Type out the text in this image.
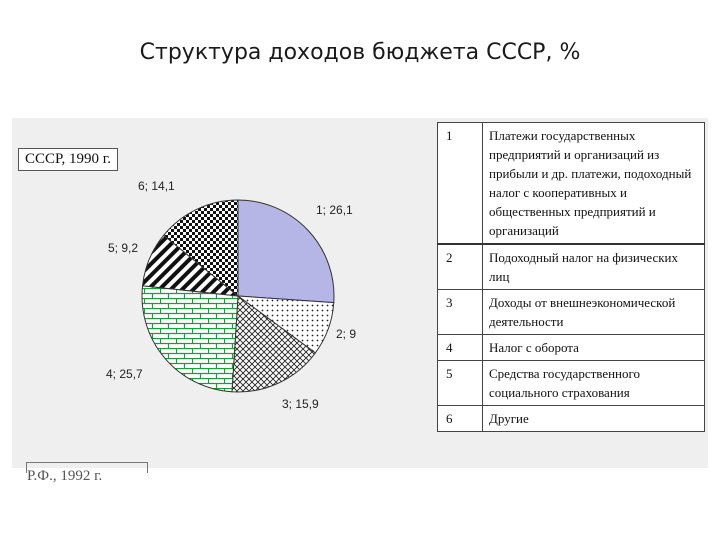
Структура доходов бюджета СССР, %
1; 26,1
2; 9
3; 15,9
4; 25,7
5; 9,2
6; 14,1
СССР, 1990 г.
Р.Ф., 1992 г.
1	Платежи государственных предприятий и организаций из прибыли и др. платежи, подоходный налог с кооперативных и общественных предприятий и организаций
2	Подоходный налог на физических лиц
3	Доходы от внешнеэкономической деятельности
4	Налог с оборота
5	Средства государственного социального страхования
6	Другие
